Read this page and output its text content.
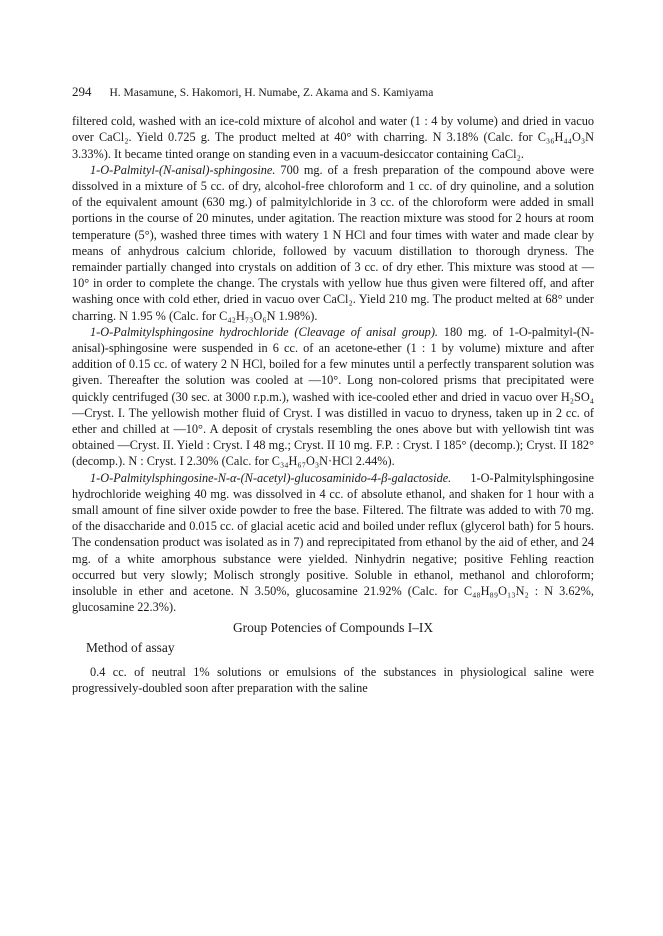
294 H. Masamune, S. Hakomori, H. Numabe, Z. Akama and S. Kamiyama

filtered cold, washed with an ice-cold mixture of alcohol and water (1 : 4 by volume) and dried in vacuo over CaCl₂. Yield 0.725 g. The product melted at 40° with charring. N 3.18% (Calc. for C₃₆H₄₄O₃N 3.33%). It became tinted orange on standing even in a vacuum-desiccator containing CaCl₂.

1-O-Palmityl-(N-anisal)-sphingosine. 700 mg. of a fresh preparation of the compound above were dissolved in a mixture of 5 cc. of dry, alcohol-free chloroform and 1 cc. of dry quinoline, and a solution of the equivalent amount (630 mg.) of palmitylchloride in 3 cc. of the chloroform were added in small portions in the course of 20 minutes, under agitation. The reaction mixture was stood for 2 hours at room temperature (5°), washed three times with watery 1 N HCl and four times with water and made clear by means of anhydrous calcium chloride, followed by vacuum distillation to thorough dryness. The remainder partially changed into crystals on addition of 3 cc. of dry ether. This mixture was stood at —10° in order to complete the change. The crystals with yellow hue thus given were filtered off, and after washing once with cold ether, dried in vacuo over CaCl₂. Yield 210 mg. The product melted at 68° under charring. N 1.95 % (Calc. for C₄₂H₇₃O₆N 1.98%).

1-O-Palmitylsphingosine hydrochloride (Cleavage of anisal group). 180 mg. of 1-O-palmityl-(N-anisal)-sphingosine were suspended in 6 cc. of an acetone-ether (1 : 1 by volume) mixture and after addition of 0.15 cc. of watery 2 N HCl, boiled for a few minutes until a perfectly transparent solution was given. Thereafter the solution was cooled at —10°. Long non-colored prisms that precipitated were quickly centrifuged (30 sec. at 3000 r.p.m.), washed with ice-cooled ether and dried in vacuo over H₂SO₄—Cryst. I. The yellowish mother fluid of Cryst. I was distilled in vacuo to dryness, taken up in 2 cc. of ether and chilled at —10°. A deposit of crystals resembling the ones above but with yellowish tint was obtained —Cryst. II. Yield : Cryst. I 48 mg.; Cryst. II 10 mg. F.P. : Cryst. I 185° (decomp.); Cryst. II 182° (decomp.). N : Cryst. I 2.30% (Calc. for C₃₄H₆₇O₃N·HCl 2.44%).

1-O-Palmitylsphingosine-N-α-(N-acetyl)-glucosaminido-4-β-galactoside. 1-O-Palmitylsphingosine hydrochloride weighing 40 mg. was dissolved in 4 cc. of absolute ethanol, and shaken for 1 hour with a small amount of fine silver oxide powder to free the base. Filtered. The filtrate was added to with 70 mg. of the disaccharide and 0.015 cc. of glacial acetic acid and boiled under reflux (glycerol bath) for 5 hours. The condensation product was isolated as in 7) and reprecipitated from ethanol by the aid of ether, and 24 mg. of a white amorphous substance were yielded. Ninhydrin negative; positive Fehling reaction occurred but very slowly; Molisch strongly positive. Soluble in ethanol, methanol and chloroform; insoluble in ether and acetone. N 3.50%, glucosamine 21.92% (Calc. for C₄₈H₈₉O₁₃N₂ : N 3.62%, glucosamine 22.3%).

Group Potencies of Compounds I–IX
Method of assay

0.4 cc. of neutral 1% solutions or emulsions of the substances in physiological saline were progressively-doubled soon after preparation with the saline
